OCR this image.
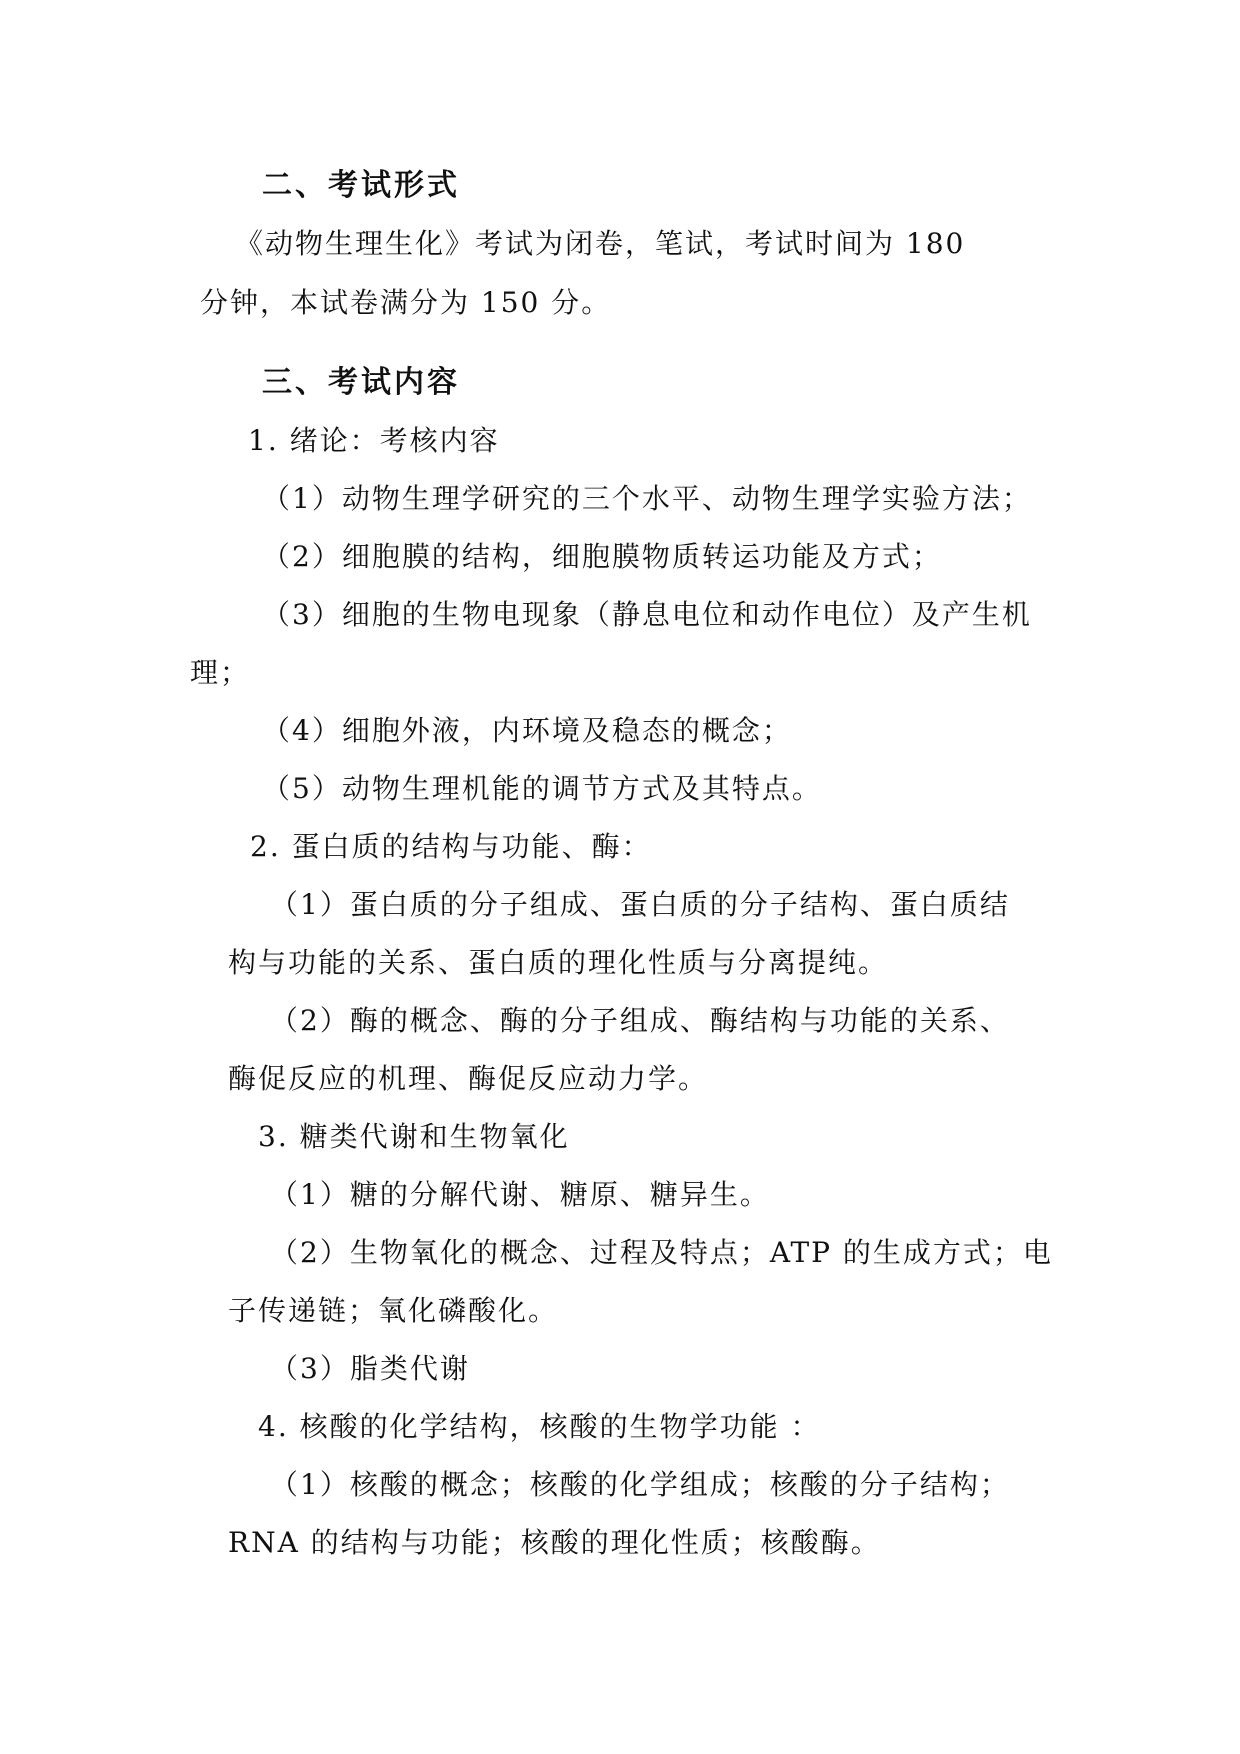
二、考试形式
《动物生理生化》考试为闭卷，笔试，考试时间为 180
分钟，本试卷满分为 150 分。
三、考试内容
1. 绪论：考核内容
（1）动物生理学研究的三个水平、动物生理学实验方法；
（2）细胞膜的结构，细胞膜物质转运功能及方式；
（3）细胞的生物电现象（静息电位和动作电位）及产生机
理；
（4）细胞外液，内环境及稳态的概念；
（5）动物生理机能的调节方式及其特点。
2. 蛋白质的结构与功能、酶：
（1）蛋白质的分子组成、蛋白质的分子结构、蛋白质结
构与功能的关系、蛋白质的理化性质与分离提纯。
（2）酶的概念、酶的分子组成、酶结构与功能的关系、
酶促反应的机理、酶促反应动力学。
3. 糖类代谢和生物氧化
（1）糖的分解代谢、糖原、糖异生。
（2）生物氧化的概念、过程及特点；ATP 的生成方式；电
子传递链；氧化磷酸化。
（3）脂类代谢
4. 核酸的化学结构，核酸的生物学功能 ：
（1）核酸的概念；核酸的化学组成；核酸的分子结构；
RNA 的结构与功能；核酸的理化性质；核酸酶。
